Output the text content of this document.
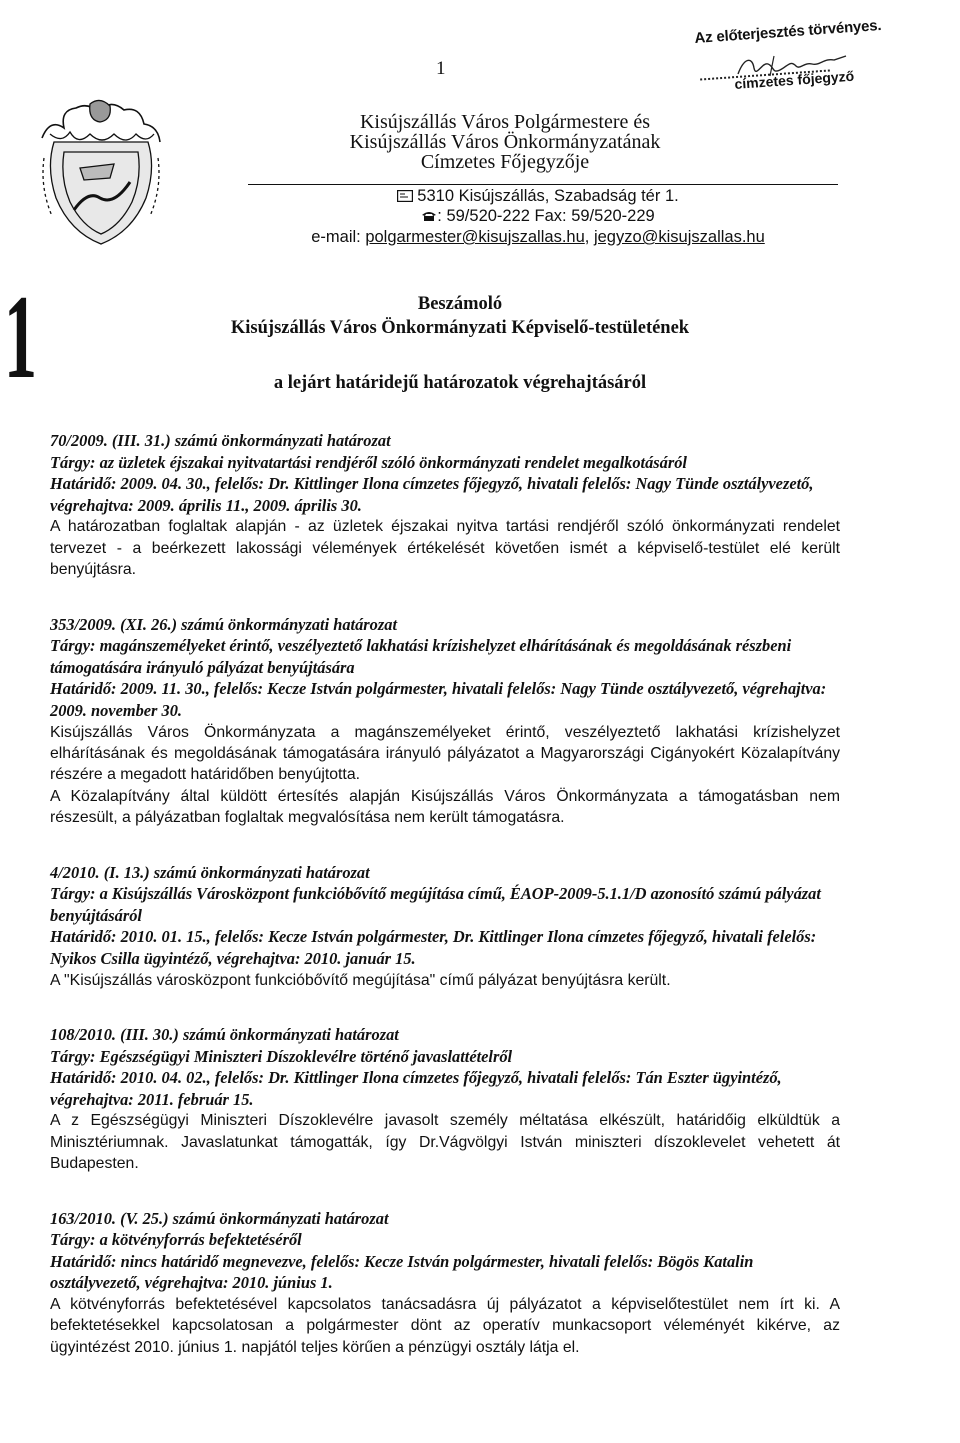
1
Az előterjesztés törvényes.
címzetes főjegyző
Kisújszállás Város Polgármestere és
Kisújszállás Város Önkormányzatának
Címzetes Főjegyzője
5310 Kisújszállás, Szabadság tér 1.
: 59/520-222 Fax: 59/520-229
e-mail: polgarmester@kisujszallas.hu, jegyzo@kisujszallas.hu
1	Beszámoló
Kisújszállás Város Önkormányzati Képviselő-testületének
a lejárt határidejű határozatok végrehajtásáról
70/2009. (III. 31.) számú önkormányzati határozat
Tárgy: az üzletek éjszakai nyitvatartási rendjéről szóló önkormányzati rendelet megalkotásáról
Határidő: 2009. 04. 30., felelős: Dr. Kittlinger Ilona címzetes főjegyző, hivatali felelős: Nagy Tünde osztályvezető, végrehajtva: 2009. április 11., 2009. április 30.
A határozatban foglaltak alapján - az üzletek éjszakai nyitva tartási rendjéről szóló önkormányzati rendelet tervezet - a beérkezett lakossági vélemények értékelését követően ismét a képviselő-testület elé került benyújtásra.
353/2009. (XI. 26.) számú önkormányzati határozat
Tárgy: magánszemélyeket érintő, veszélyeztető lakhatási krízishelyzet elhárításának és megoldásának részbeni támogatására irányuló pályázat benyújtására
Határidő: 2009. 11. 30., felelős: Kecze István polgármester, hivatali felelős: Nagy Tünde osztályvezető, végrehajtva: 2009. november 30.
Kisújszállás Város Önkormányzata a magánszemélyeket érintő, veszélyeztető lakhatási krízishelyzet elhárításának és megoldásának támogatására irányuló pályázatot a Magyarországi Cigányokért Közalapítvány részére a megadott határidőben benyújtotta.
A Közalapítvány által küldött értesítés alapján Kisújszállás Város Önkormányzata a támogatásban nem részesült, a pályázatban foglaltak megvalósítása nem került támogatásra.
4/2010. (I. 13.) számú önkormányzati határozat
Tárgy: a Kisújszállás Városközpont funkcióbővítő megújítása című, ÉAOP-2009-5.1.1/D azonosító számú pályázat benyújtásáról
Határidő: 2010. 01. 15., felelős: Kecze István polgármester, Dr. Kittlinger Ilona címzetes főjegyző, hivatali felelős: Nyikos Csilla ügyintéző, végrehajtva: 2010. január 15.
A "Kisújszállás városközpont funkcióbővítő megújítása" című pályázat benyújtásra került.
108/2010. (III. 30.) számú önkormányzati határozat
Tárgy: Egészségügyi Miniszteri Díszoklevélre történő javaslattételről
Határidő: 2010. 04. 02., felelős: Dr. Kittlinger Ilona címzetes főjegyző, hivatali felelős: Tán Eszter ügyintéző, végrehajtva: 2011. február 15.
A z Egészségügyi Miniszteri Díszoklevélre javasolt személy méltatása elkészült, határidőig elküldtük a Minisztériumnak. Javaslatunkat támogatták, így Dr.Vágvölgyi István miniszteri díszoklevelet vehetett át Budapesten.
163/2010. (V. 25.) számú önkormányzati határozat
Tárgy: a kötvényforrás befektetéséről
Határidő: nincs határidő megnevezve, felelős: Kecze István polgármester, hivatali felelős: Bögös Katalin osztályvezető, végrehajtva: 2010. június 1.
A kötvényforrás befektetésével kapcsolatos tanácsadásra új pályázatot a képviselőtestület nem írt ki. A befektetésekkel kapcsolatosan a polgármester dönt az operatív munkacsoport véleményét kikérve, az ügyintézést 2010. június 1. napjától teljes körűen a pénzügyi osztály látja el.
